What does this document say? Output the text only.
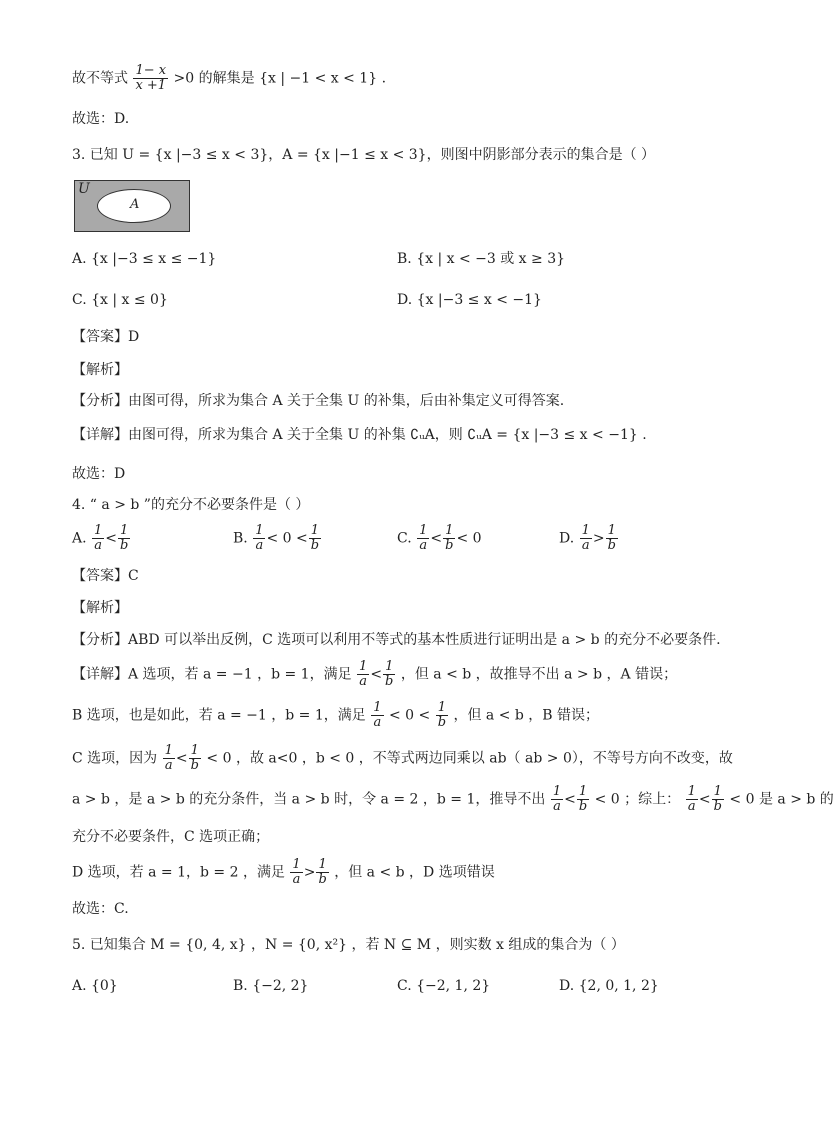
故不等式 $\frac{1- x}{x +1} >0$ 的解集是 {x | −1 < x < 1} .
故选：D.
3. 已知 U = {x |−3 ≤ x < 3}，A = {x |−1 ≤ x < 3}，则图中阴影部分表示的集合是（ ）
U
A
A. {x |−3 ≤ x ≤ −1}	B. {x | x < −3 或 x ≥ 3}
C. {x | x ≤ 0}	D. {x |−3 ≤ x < −1}
【答案】D
【解析】
【分析】由图可得，所求为集合 A 关于全集 U 的补集，后由补集定义可得答案.
【详解】由图可得，所求为集合 A 关于全集 U 的补集 ∁ᵤA，则 ∁ᵤA = {x |−3 ≤ x < −1} .
故选：D
4. “ a > b ”的充分不必要条件是（ ）
A. $\frac{1}{a} < \frac{1}{b}$	B. $\frac{1}{a} < 0 < \frac{1}{b}$	C. $\frac{1}{a} < \frac{1}{b} < 0$	D. $\frac{1}{a} > \frac{1}{b}$
【答案】C
【解析】
【分析】ABD 可以举出反例，C 选项可以利用不等式的基本性质进行证明出是 a > b 的充分不必要条件.
【详解】A 选项，若 a = −1 ，b = 1，满足 $\frac{1}{a} < \frac{1}{b}$ ，但 a < b ，故推导不出 a > b ，A 错误；
B 选项，也是如此，若 a = −1 ，b = 1，满足 $\frac{1}{a} < 0 < \frac{1}{b}$ ，但 a < b ，B 错误；
C 选项，因为 $\frac{1}{a} < \frac{1}{b} < 0$ ，故 a<0 ，b < 0 ，不等式两边同乘以 ab（ ab > 0），不等号方向不改变，故
a > b ，是 a > b 的充分条件，当 a > b 时，令 a = 2 ，b = 1，推导不出 $\frac{1}{a} < \frac{1}{b} < 0$ ；综上： $\frac{1}{a} < \frac{1}{b} < 0$ 是 a > b 的
充分不必要条件，C 选项正确；
D 选项，若 a = 1，b = 2 ，满足 $\frac{1}{a} > \frac{1}{b}$ ，但 a < b ，D 选项错误
故选：C.
5. 已知集合 M = {0, 4, x} ，N = {0, x²} ，若 N ⊆ M ，则实数 x 组成的集合为（ ）
A. {0}	B. {−2, 2}	C. {−2, 1, 2}	D. {2, 0, 1, 2}
